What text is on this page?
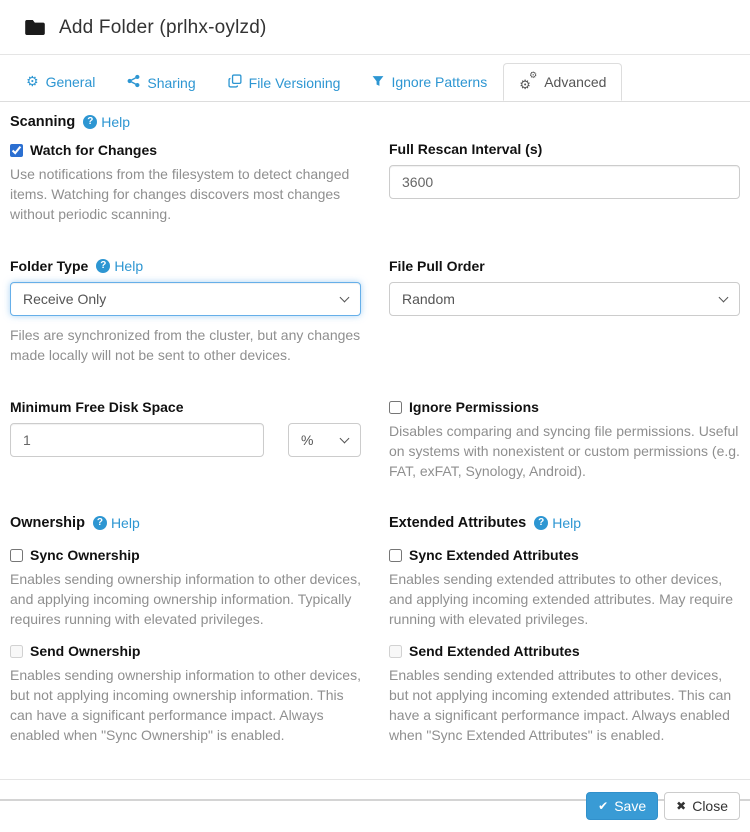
Add Folder (prlhx-oylzd)
⚙
General	Sharing	File Versioning	Ignore Patterns ⚙ ⚙	Advanced
Scanning ? Help
Watch for Changes

Use notifications from the filesystem to detect changed items. Watching for changes discovers most changes without periodic scanning.

Full Rescan Interval (s)
3600
Folder Type ? Help
Receive Only

Files are synchronized from the cluster, but any changes made locally will not be sent to other devices.

File Pull Order
Random
Minimum Free Disk Space
1
%
Ignore Permissions

Disables comparing and syncing file permissions. Useful on systems with nonexistent or custom permissions (e.g. FAT, exFAT, Synology, Android).

Ownership ? Help
Sync Ownership

Enables sending ownership information to other devices, and applying incoming ownership information. Typically requires running with elevated privileges.

Send Ownership

Enables sending ownership information to other devices, but not applying incoming ownership information. This can have a significant performance impact. Always enabled when "Sync Ownership" is enabled.

Extended Attributes ? Help
Sync Extended Attributes

Enables sending extended attributes to other devices, and applying incoming extended attributes. May require running with elevated privileges.

Send Extended Attributes

Enables sending extended attributes to other devices, but not applying incoming extended attributes. This can have a significant performance impact. Always enabled when "Sync Extended Attributes" is enabled.

✔
Save ✖	Close
